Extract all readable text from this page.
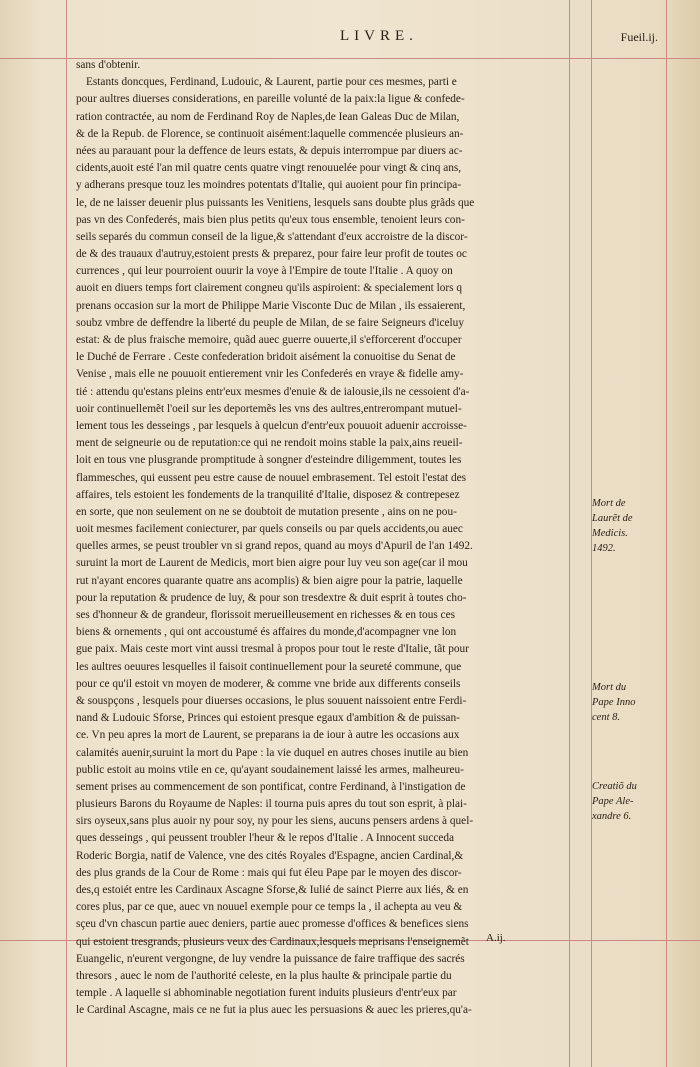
LIVRE.	Fueil.ij.
sans d'obtenir.
Estants doncques, Ferdinand, Ludouic, & Laurent, partie pour ces mesmes, parti e
pour aultres diuerses considerations, en pareille volunté de la paix:la ligue & confede-
ration contractée, au nom de Ferdinand Roy de Naples,de Iean Galeas Duc de Milan,
& de la Repub. de Florence, se continuoit aisément:laquelle commencée plusieurs an-
nées au parauant pour la deffence de leurs estats, & depuis interrompue par diuers ac-
cidents,auoit esté l'an mil quatre cents quatre vingt renouuelée pour vingt & cinq ans,
y adherans presque touz les moindres potentats d'Italie, qui auoient pour fin principa-
le, de ne laisser deuenir plus puissants les Venitiens, lesquels sans doubte plus grãds que
pas vn des Confederés, mais bien plus petits qu'eux tous ensemble, tenoient leurs con-
seils separés du commun conseil de la ligue,& s'attendant d'eux accroistre de la discor-
de & des trauaux d'autruy,estoient prests & preparez, pour faire leur profit de toutes oc
currences , qui leur pourroient ouurir la voye à l'Empire de toute l'Italie . A quoy on
auoit en diuers temps fort clairement congneu qu'ils aspiroient: & specialement lors q
prenans occasion sur la mort de Philippe Marie Visconte Duc de Milan , ils essaierent,
soubz vmbre de deffendre la liberté du peuple de Milan, de se faire Seigneurs d'iceluy
estat: & de plus fraische memoire, quãd auec guerre ouuerte,il s'efforcerent d'occuper
le Duché de Ferrare . Ceste confederation bridoit aisément la conuoitise du Senat de
Venise , mais elle ne pouuoit entierement vnir les Confederés en vraye & fidelle amy-
tié : attendu qu'estans pleins entr'eux mesmes d'enuie & de ialousie,ils ne cessoient d'a-
uoir continuellemẽt l'oeil sur les deportemẽs les vns des aultres,entrerompant mutuel-
lement tous les desseings , par lesquels à quelcun d'entr'eux pouuoit aduenir accroisse-
ment de seigneurie ou de reputation:ce qui ne rendoit moins stable la paix,ains reueil-
loit en tous vne plusgrande promptitude à songner d'esteindre diligemment, toutes les
flammesches, qui eussent peu estre cause de nouuel embrasement. Tel estoit l'estat des
affaires, tels estoient les fondements de la tranquilité d'Italie, disposez & contrepesez
en sorte, que non seulement on ne se doubtoit de mutation presente , ains on ne pou-
uoit mesmes facilement coniecturer, par quels conseils ou par quels accidents,ou auec
quelles armes, se peust troubler vn si grand repos, quand au moys d'Apuril de l'an 1492.
suruint la mort de Laurent de Medicis, mort bien aigre pour luy veu son age(car il mou
rut n'ayant encores quarante quatre ans acomplis) & bien aigre pour la patrie, laquelle
pour la reputation & prudence de luy, & pour son tresdextre & duit esprit à toutes cho-
ses d'honneur & de grandeur, florissoit merueilleusement en richesses & en tous ces
biens & ornements , qui ont accoustumé és affaires du monde,d'acompagner vne lon
gue paix. Mais ceste mort vint aussi tresmal à propos pour tout le reste d'Italie, tãt pour
les aultres oeuures lesquelles il faisoit continuellement pour la seureté commune, que
pour ce qu'il estoit vn moyen de moderer, & comme vne bride aux differents conseils
& souspçons , lesquels pour diuerses occasions, le plus souuent naissoient entre Ferdi-
nand & Ludouic Sforse, Princes qui estoient presque egaux d'ambition & de puissan-
ce. Vn peu apres la mort de Laurent, se preparans ia de iour à autre les occasions aux
calamités auenir,suruint la mort du Pape : la vie duquel en autres choses inutile au bien
public estoit au moins vtile en ce, qu'ayant soudainement laissé les armes, malheureu-
sement prises au commencement de son pontificat, contre Ferdinand, à l'instigation de
plusieurs Barons du Royaume de Naples: il tourna puis apres du tout son esprit, à plai-
sirs oyseux,sans plus auoir ny pour soy, ny pour les siens, aucuns pensers ardens à quel-
ques desseings , qui peussent troubler l'heur & le repos d'Italie . A Innocent succeda
Roderic Borgia, natif de Valence, vne des cités Royales d'Espagne, ancien Cardinal,&
des plus grands de la Cour de Rome : mais qui fut éleu Pape par le moyen des discor-
des,q estoiét entre les Cardinaux Ascagne Sforse,& Iulié de sainct Pierre aux liés, & en
cores plus, par ce que, auec vn nouuel exemple pour ce temps la , il achepta au veu &
sçeu d'vn chascun partie auec deniers, partie auec promesse d'offices & benefices siens
qui estoient tresgrands, plusieurs veux des Cardinaux,lesquels meprisans l'enseignemẽt
Euangelic, n'eurent vergongne, de luy vendre la puissance de faire traffique des sacrés
thresors , auec le nom de l'authorité celeste, en la plus haulte & principale partie du
temple . A laquelle si abhominable negotiation furent induits plusieurs d'entr'eux par
le Cardinal Ascagne, mais ce ne fut ia plus auec les persuasions & auec les prieres,qu'a-
A.ij.
Mort de
Laurẽt de
Medicis.
1492.
Mort du
Pape Inno
cent 8.
Creatiõ du
Pape Ale-
xandre 6.
